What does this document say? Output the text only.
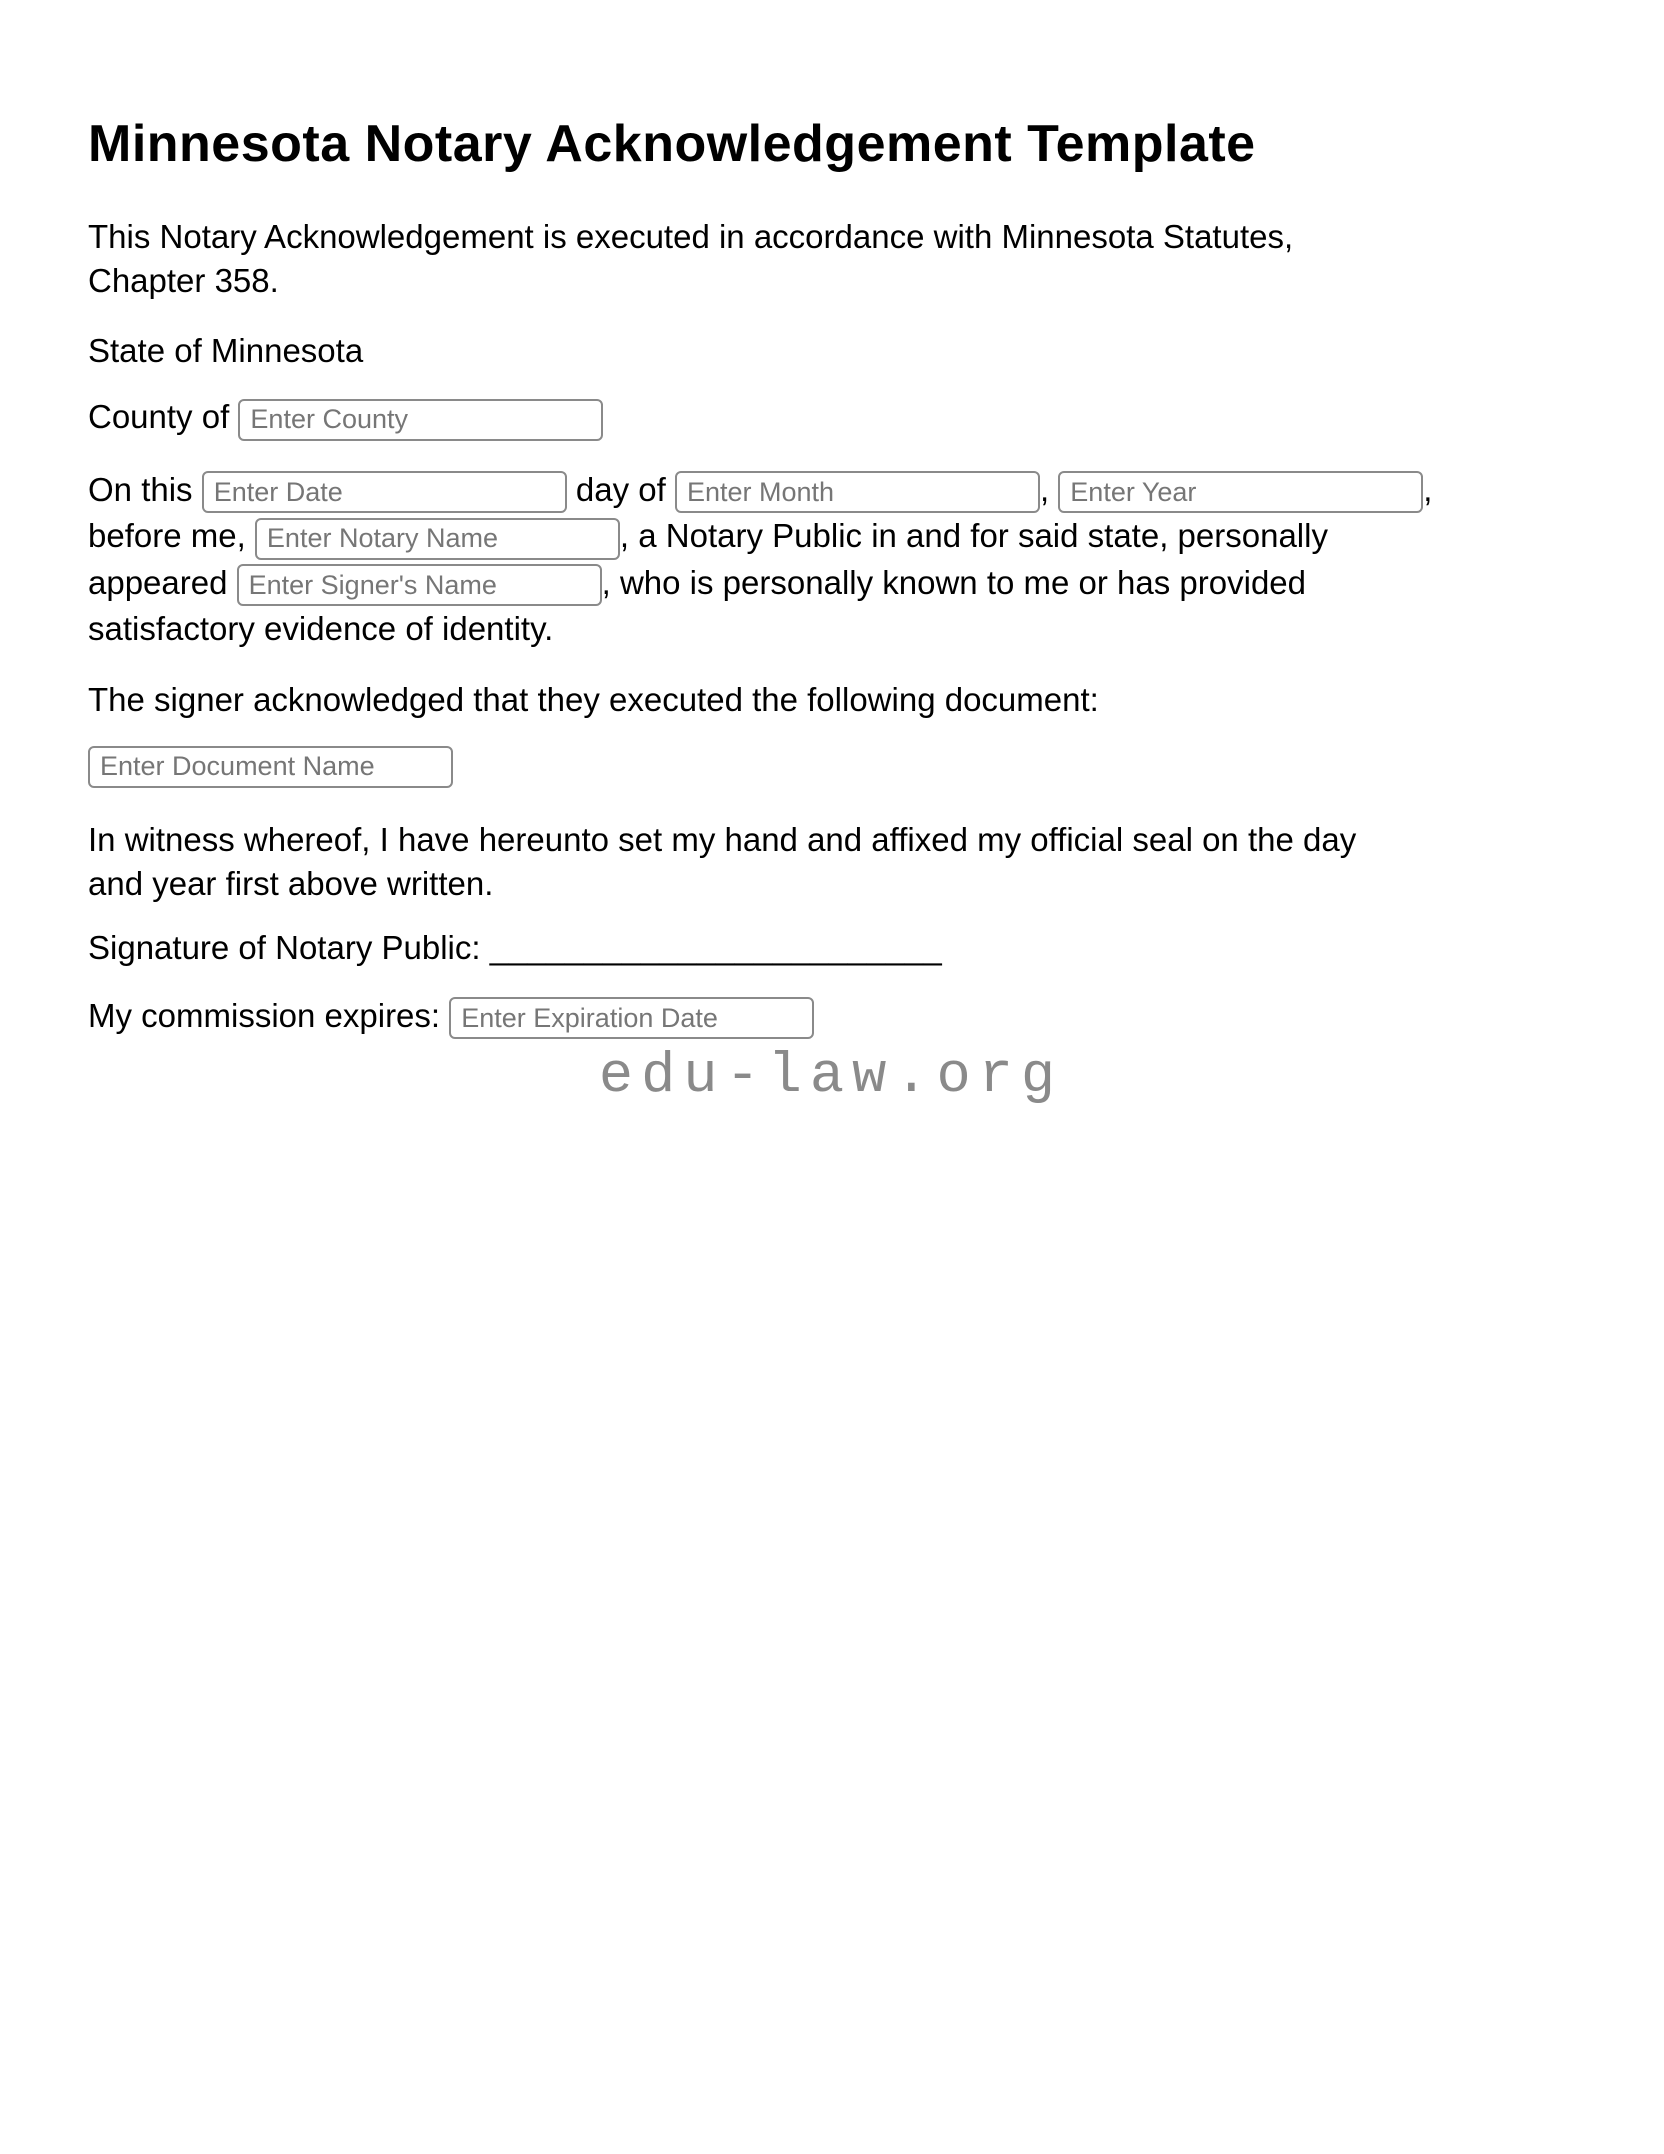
Minnesota Notary Acknowledgement Template

This Notary Acknowledgement is executed in accordance with Minnesota Statutes,
Chapter 358.

State of Minnesota

County of Enter County

On this Enter Date	day of Enter Month	, Enter Year	,
before me, Enter Notary Name	, a Notary Public in and for said state, personally
appeared Enter Signer's Name	, who is personally known to me or has provided
satisfactory evidence of identity.

The signer acknowledged that they executed the following document:

Enter Document Name

In witness whereof, I have hereunto set my hand and affixed my official seal on the day
and year first above written.

Signature of Notary Public: ________________________

My commission expires: Enter Expiration Date

edu-law.org
